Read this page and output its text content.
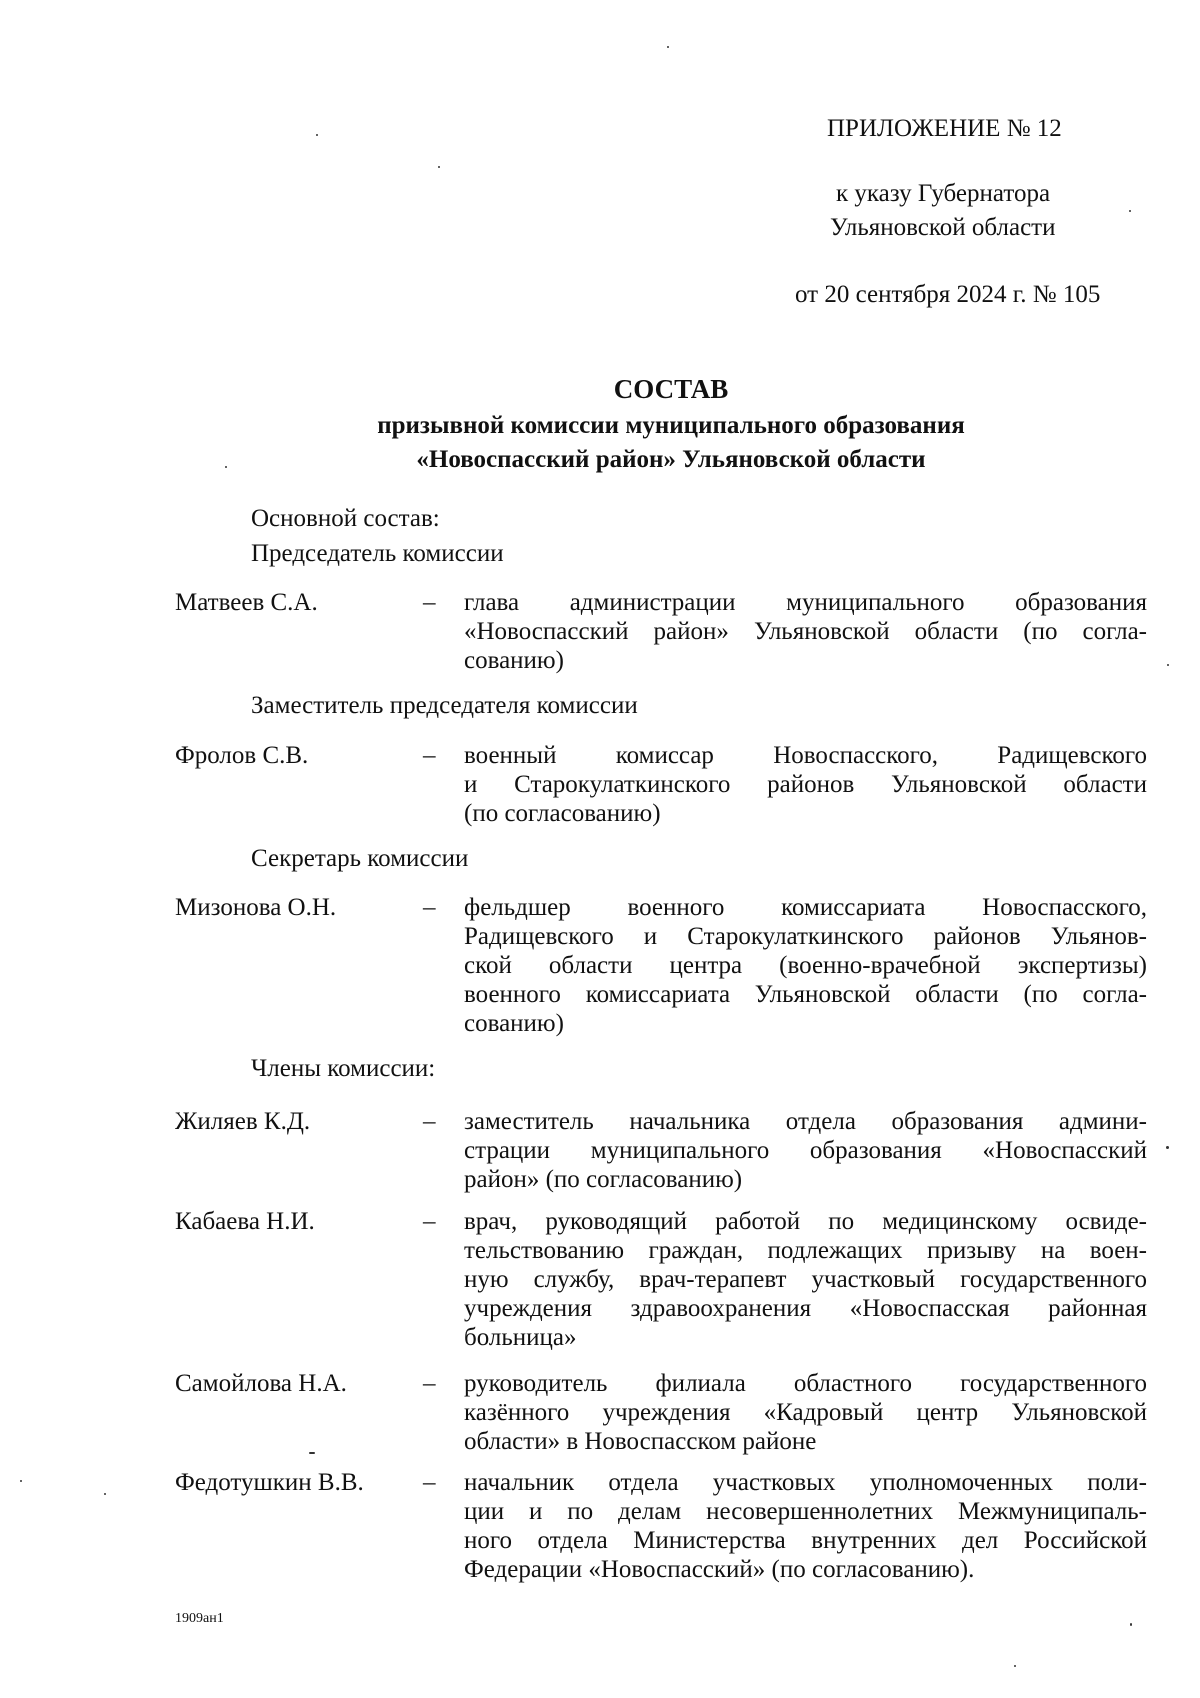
ПРИЛОЖЕНИЕ № 12
к указу Губернатора
Ульяновской области
от 20 сентября 2024 г. № 105
СОСТАВ
призывной комиссии муниципального образования
«Новоспасский район» Ульяновской области
Основной состав:
Председатель комиссии
Матвеев С.А.	– глава администрации муниципального образования
«Новоспасский район» Ульяновской области (по согла-
сованию)
Заместитель председателя комиссии
Фролов С.В.	– военный комиссар Новоспасского, Радищевского
и Старокулаткинского районов Ульяновской области
(по согласованию)
Секретарь комиссии
Мизонова О.Н.	– фельдшер военного комиссариата Новоспасского,
Радищевского и Старокулаткинского районов Ульянов-
ской области центра (военно-врачебной экспертизы)
военного комиссариата Ульяновской области (по согла-
сованию)
Члены комиссии:
Жиляев К.Д.	– заместитель начальника отдела образования админи-
страции муниципального образования «Новоспасский
район» (по согласованию)
Кабаева Н.И.	– врач, руководящий работой по медицинскому освиде-
тельствованию граждан, подлежащих призыву на воен-
ную службу, врач-терапевт участковый государственного
учреждения здравоохранения «Новоспасская районная
больница»
Самойлова Н.А.	– руководитель филиала областного государственного
казённого учреждения «Кадровый центр Ульяновской
области» в Новоспасском районе
Федотушкин В.В. – начальник отдела участковых уполномоченных поли-
ции и по делам несовершеннолетних Межмуниципаль-
ного отдела Министерства внутренних дел Российской
Федерации «Новоспасский» (по согласованию).
1909ан1
